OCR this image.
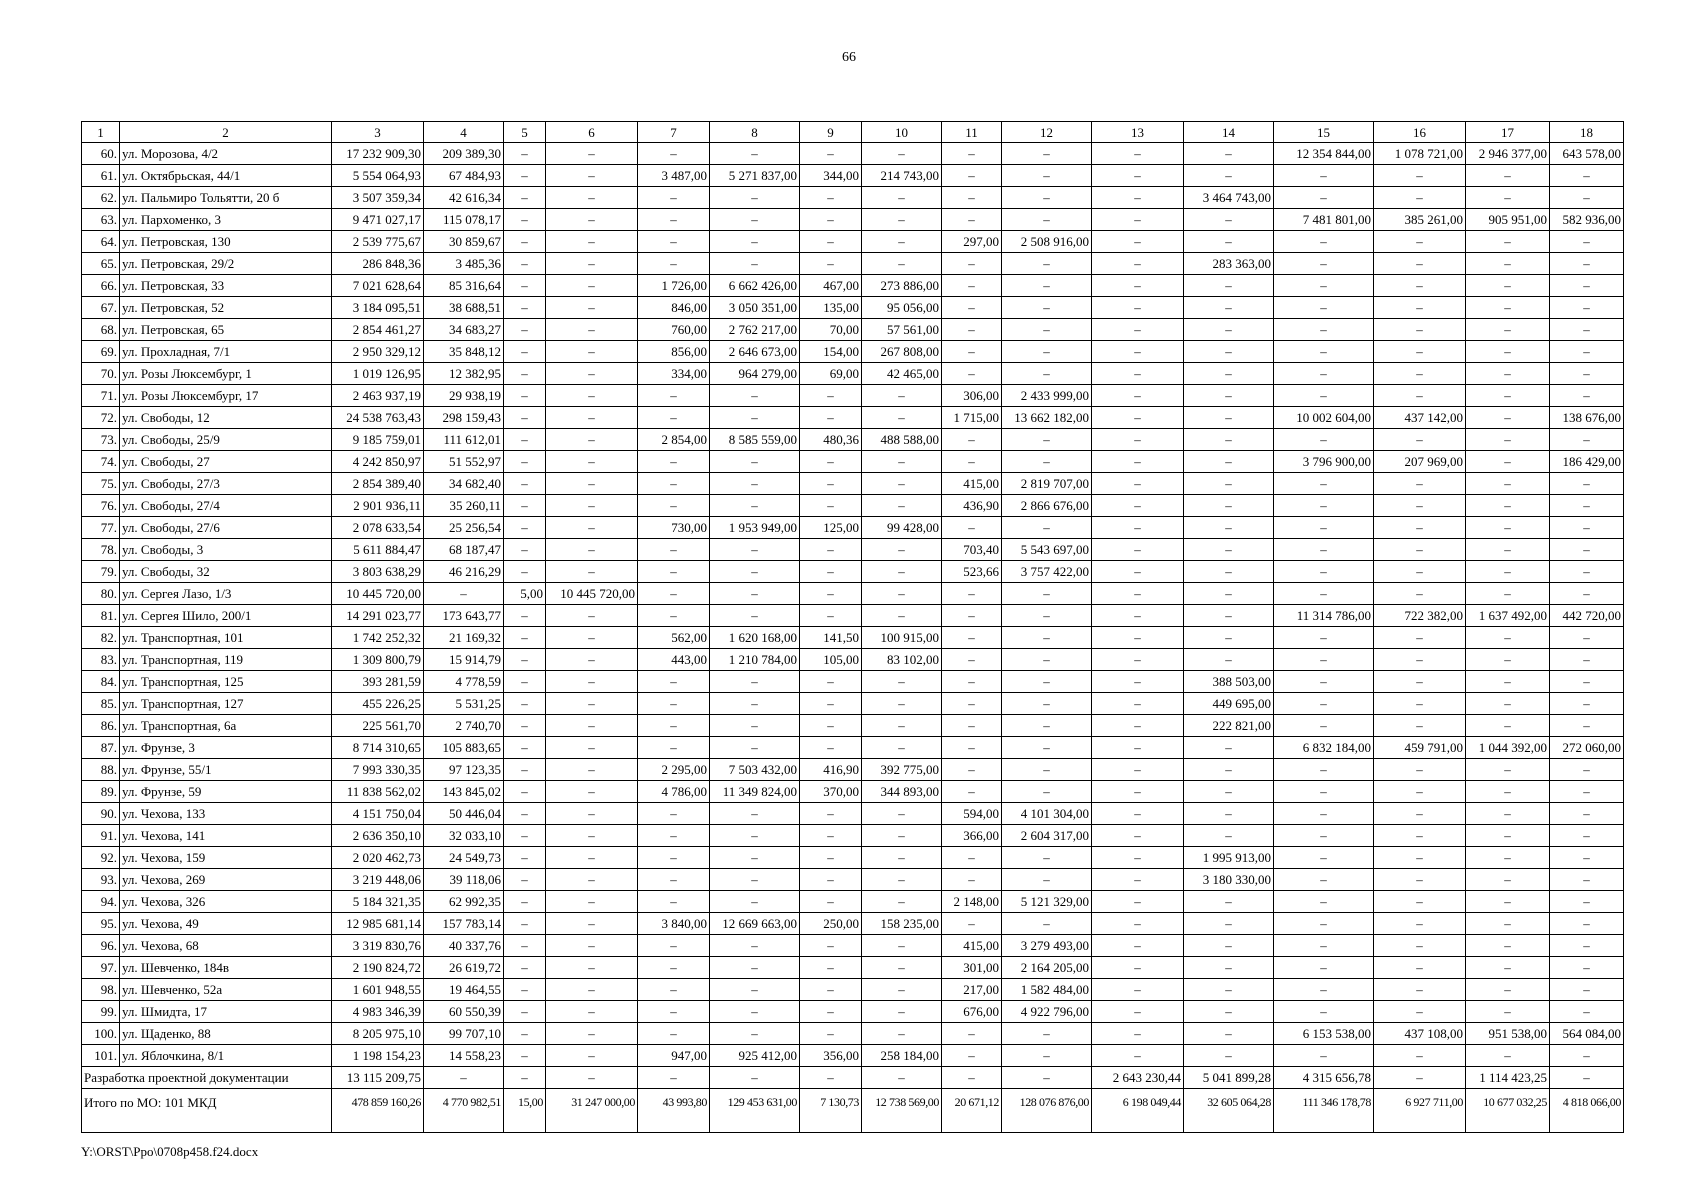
66
1	2	3	4	5	6	7	8	9	10	11	12	13	14	15	16	17	18
60.	ул. Морозова, 4/2	17 232 909,30	209 389,30	–	–	–	–	–	–	–	–	–	–	12 354 844,00	1 078 721,00	2 946 377,00	643 578,00
61.	ул. Октябрьская, 44/1	5 554 064,93	67 484,93	–	–	3 487,00	5 271 837,00	344,00	214 743,00	–	–	–	–	–	–	–	–
62.	ул. Пальмиро Тольятти, 20 б	3 507 359,34	42 616,34	–	–	–	–	–	–	–	–	–	3 464 743,00	–	–	–	–
63.	ул. Пархоменко, 3	9 471 027,17	115 078,17	–	–	–	–	–	–	–	–	–	–	7 481 801,00	385 261,00	905 951,00	582 936,00
64.	ул. Петровская, 130	2 539 775,67	30 859,67	–	–	–	–	–	–	297,00	2 508 916,00	–	–	–	–	–	–
65.	ул. Петровская, 29/2	286 848,36	3 485,36	–	–	–	–	–	–	–	–	–	283 363,00	–	–	–	–
66.	ул. Петровская, 33	7 021 628,64	85 316,64	–	–	1 726,00	6 662 426,00	467,00	273 886,00	–	–	–	–	–	–	–	–
67.	ул. Петровская, 52	3 184 095,51	38 688,51	–	–	846,00	3 050 351,00	135,00	95 056,00	–	–	–	–	–	–	–	–
68.	ул. Петровская, 65	2 854 461,27	34 683,27	–	–	760,00	2 762 217,00	70,00	57 561,00	–	–	–	–	–	–	–	–
69.	ул. Прохладная, 7/1	2 950 329,12	35 848,12	–	–	856,00	2 646 673,00	154,00	267 808,00	–	–	–	–	–	–	–	–
70.	ул. Розы Люксембург, 1	1 019 126,95	12 382,95	–	–	334,00	964 279,00	69,00	42 465,00	–	–	–	–	–	–	–	–
71.	ул. Розы Люксембург, 17	2 463 937,19	29 938,19	–	–	–	–	–	–	306,00	2 433 999,00	–	–	–	–	–	–
72.	ул. Свободы, 12	24 538 763,43	298 159,43	–	–	–	–	–	–	1 715,00	13 662 182,00	–	–	10 002 604,00	437 142,00	–	138 676,00
73.	ул. Свободы, 25/9	9 185 759,01	111 612,01	–	–	2 854,00	8 585 559,00	480,36	488 588,00	–	–	–	–	–	–	–	–
74.	ул. Свободы, 27	4 242 850,97	51 552,97	–	–	–	–	–	–	–	–	–	–	3 796 900,00	207 969,00	–	186 429,00
75.	ул. Свободы, 27/3	2 854 389,40	34 682,40	–	–	–	–	–	–	415,00	2 819 707,00	–	–	–	–	–	–
76.	ул. Свободы, 27/4	2 901 936,11	35 260,11	–	–	–	–	–	–	436,90	2 866 676,00	–	–	–	–	–	–
77.	ул. Свободы, 27/6	2 078 633,54	25 256,54	–	–	730,00	1 953 949,00	125,00	99 428,00	–	–	–	–	–	–	–	–
78.	ул. Свободы, 3	5 611 884,47	68 187,47	–	–	–	–	–	–	703,40	5 543 697,00	–	–	–	–	–	–
79.	ул. Свободы, 32	3 803 638,29	46 216,29	–	–	–	–	–	–	523,66	3 757 422,00	–	–	–	–	–	–
80.	ул. Сергея Лазо, 1/3	10 445 720,00	–	5,00	10 445 720,00	–	–	–	–	–	–	–	–	–	–	–	–
81.	ул. Сергея Шило, 200/1	14 291 023,77	173 643,77	–	–	–	–	–	–	–	–	–	–	11 314 786,00	722 382,00	1 637 492,00	442 720,00
82.	ул. Транспортная, 101	1 742 252,32	21 169,32	–	–	562,00	1 620 168,00	141,50	100 915,00	–	–	–	–	–	–	–	–
83.	ул. Транспортная, 119	1 309 800,79	15 914,79	–	–	443,00	1 210 784,00	105,00	83 102,00	–	–	–	–	–	–	–	–
84.	ул. Транспортная, 125	393 281,59	4 778,59	–	–	–	–	–	–	–	–	–	388 503,00	–	–	–	–
85.	ул. Транспортная, 127	455 226,25	5 531,25	–	–	–	–	–	–	–	–	–	449 695,00	–	–	–	–
86.	ул. Транспортная, 6а	225 561,70	2 740,70	–	–	–	–	–	–	–	–	–	222 821,00	–	–	–	–
87.	ул. Фрунзе, 3	8 714 310,65	105 883,65	–	–	–	–	–	–	–	–	–	–	6 832 184,00	459 791,00	1 044 392,00	272 060,00
88.	ул. Фрунзе, 55/1	7 993 330,35	97 123,35	–	–	2 295,00	7 503 432,00	416,90	392 775,00	–	–	–	–	–	–	–	–
89.	ул. Фрунзе, 59	11 838 562,02	143 845,02	–	–	4 786,00	11 349 824,00	370,00	344 893,00	–	–	–	–	–	–	–	–
90.	ул. Чехова, 133	4 151 750,04	50 446,04	–	–	–	–	–	–	594,00	4 101 304,00	–	–	–	–	–	–
91.	ул. Чехова, 141	2 636 350,10	32 033,10	–	–	–	–	–	–	366,00	2 604 317,00	–	–	–	–	–	–
92.	ул. Чехова, 159	2 020 462,73	24 549,73	–	–	–	–	–	–	–	–	–	1 995 913,00	–	–	–	–
93.	ул. Чехова, 269	3 219 448,06	39 118,06	–	–	–	–	–	–	–	–	–	3 180 330,00	–	–	–	–
94.	ул. Чехова, 326	5 184 321,35	62 992,35	–	–	–	–	–	–	2 148,00	5 121 329,00	–	–	–	–	–	–
95.	ул. Чехова, 49	12 985 681,14	157 783,14	–	–	3 840,00	12 669 663,00	250,00	158 235,00	–	–	–	–	–	–	–	–
96.	ул. Чехова, 68	3 319 830,76	40 337,76	–	–	–	–	–	–	415,00	3 279 493,00	–	–	–	–	–	–
97.	ул. Шевченко, 184в	2 190 824,72	26 619,72	–	–	–	–	–	–	301,00	2 164 205,00	–	–	–	–	–	–
98.	ул. Шевченко, 52а	1 601 948,55	19 464,55	–	–	–	–	–	–	217,00	1 582 484,00	–	–	–	–	–	–
99.	ул. Шмидта, 17	4 983 346,39	60 550,39	–	–	–	–	–	–	676,00	4 922 796,00	–	–	–	–	–	–
100.	ул. Щаденко, 88	8 205 975,10	99 707,10	–	–	–	–	–	–	–	–	–	–	6 153 538,00	437 108,00	951 538,00	564 084,00
101.	ул. Яблочкина, 8/1	1 198 154,23	14 558,23	–	–	947,00	925 412,00	356,00	258 184,00	–	–	–	–	–	–	–	–
Разработка проектной документации		13 115 209,75	–	–	–	–	–	–	–	–	–	2 643 230,44	5 041 899,28	4 315 656,78	–	1 114 423,25	–
Итого по МО: 101 МКД		478 859 160,26	4 770 982,51	15,00	31 247 000,00	43 993,80	129 453 631,00	7 130,73	12 738 569,00	20 671,12	128 076 876,00	6 198 049,44	32 605 064,28	111 346 178,78	6 927 711,00	10 677 032,25	4 818 066,00
Y:\ORST\Ppo\0708p458.f24.docx
